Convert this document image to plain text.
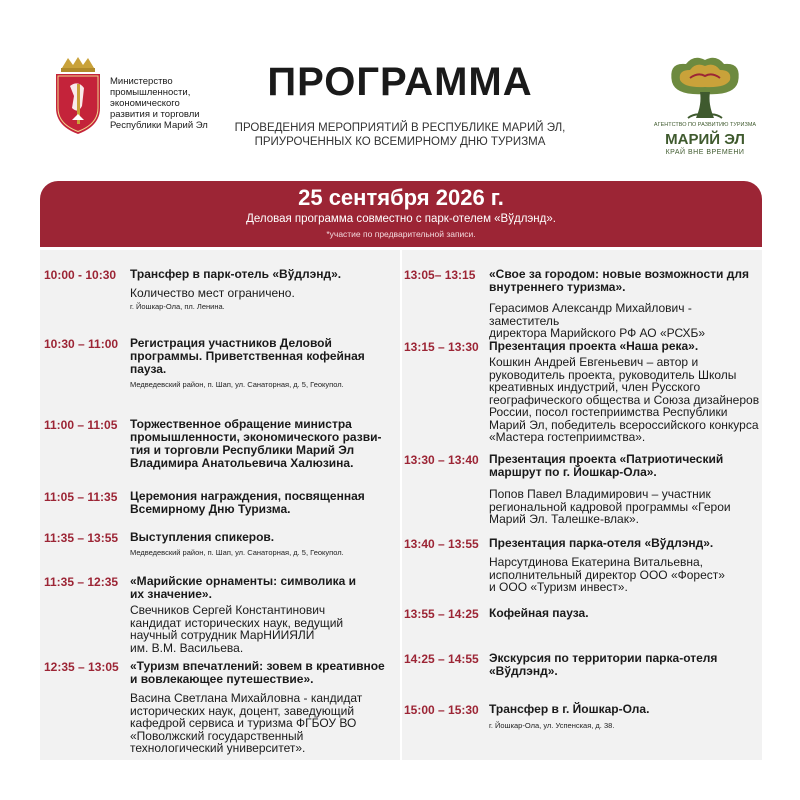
Министерство
промышленности,
экономического
развития и торговли
Республики Марий Эл
ПРОГРАММА
ПРОВЕДЕНИЯ МЕРОПРИЯТИЙ В РЕСПУБЛИКЕ МАРИЙ ЭЛ,
ПРИУРОЧЕННЫХ КО ВСЕМИРНОМУ ДНЮ ТУРИЗМА
АГЕНТСТВО ПО РАЗВИТИЮ ТУРИЗМА
МАРИЙ ЭЛ
КРАЙ ВНЕ ВРЕМЕНИ
25 сентября 2026 г.
Деловая программа совместно с парк-отелем «Вўдлэнд».
*участие по предварительной записи.
10:00 - 10:30 Трансфер в парк-отель «Вўдлэнд».
Количество мест ограничено.
г. Йошкар-Ола, пл. Ленина.
10:30 – 11:00 Регистрация участников Деловой
программы. Приветственная кофейная
пауза.
Медведевский район, п. Шап, ул. Санаторная, д. 5, Геокупол.
11:00 – 11:05 Торжественное обращение министра
промышленности, экономического разви-
тия и торговли Республики Марий Эл
Владимира Анатольевича Халюзина.
11:05 – 11:35 Церемония награждения, посвященная
Всемирному Дню Туризма.
11:35 – 13:55 Выступления спикеров.
Медведевский район, п. Шап, ул. Санаторная, д. 5, Геокупол.
11:35 – 12:35 «Марийские орнаменты: символика и
их значение».
Свечников Сергей Константинович
кандидат исторических наук, ведущий
научный сотрудник МарНИИЯЛИ
им. В.М. Васильева.
12:35 – 13:05 «Туризм впечатлений: зовем в креативное
и вовлекающее путешествие».
Васина Светлана Михайловна - кандидат
исторических наук, доцент, заведующий
кафедрой сервиса и туризма ФГБОУ ВО
«Поволжский государственный
технологический университет».
13:05– 13:15 «Свое за городом: новые возможности для
внутреннего туризма».
Герасимов Александр Михайлович - заместитель
директора Марийского РФ АО «РСХБ»
13:15 – 13:30 Презентация проекта «Наша река».
Кошкин Андрей Евгеньевич – автор и
руководитель проекта, руководитель Школы
креативных индустрий, член Русского
географического общества и Союза дизайнеров
России, посол гостеприимства Республики
Марий Эл, победитель всероссийского конкурса
«Мастера гостеприимства».
13:30 – 13:40 Презентация проекта «Патриотический
маршрут по г. Йошкар-Ола».
Попов Павел Владимирович – участник
региональной кадровой программы «Герои
Марий Эл. Талешке-влак».
13:40 – 13:55 Презентация парка-отеля «Вўдлэнд».
Нарсутдинова Екатерина Витальевна,
исполнительный директор ООО «Форест»
и ООО «Туризм инвест».
13:55 – 14:25 Кофейная пауза.
14:25 – 14:55 Экскурсия по территории парка-отеля
«Вўдлэнд».
15:00 – 15:30 Трансфер в г. Йошкар-Ола.
г. Йошкар-Ола, ул. Успенская, д. 38.
